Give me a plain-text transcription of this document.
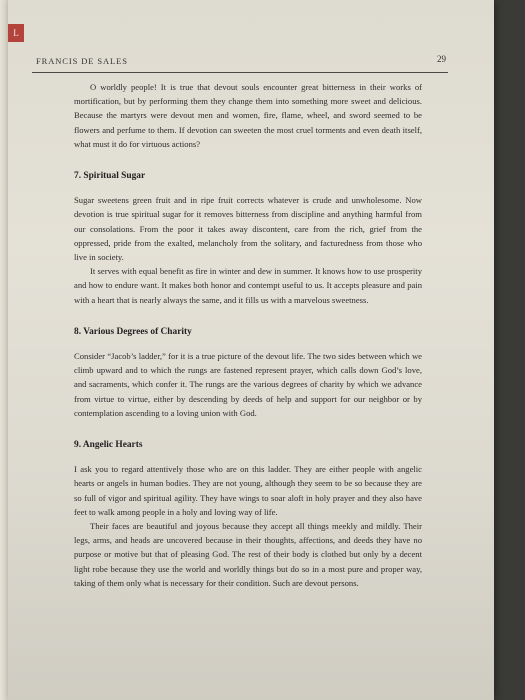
L
FRANCIS DE SALES	29

O worldly people! It is true that devout souls encounter great bitterness in their works of mortification, but by performing them they change them into something more sweet and delicious. Because the martyrs were devout men and women, fire, flame, wheel, and sword seemed to be flowers and perfume to them. If devotion can sweeten the most cruel torments and even death itself, what must it do for virtuous actions?

7. Spiritual Sugar

Sugar sweetens green fruit and in ripe fruit corrects whatever is crude and unwholesome. Now devotion is true spiritual sugar for it removes bitterness from discipline and anything harmful from our consolations. From the poor it takes away discontent, care from the rich, grief from the oppressed, pride from the exalted, melancholy from the solitary, and facturedness from those who live in society.

It serves with equal benefit as fire in winter and dew in summer. It knows how to use prosperity and how to endure want. It makes both honor and contempt useful to us. It accepts pleasure and pain with a heart that is nearly always the same, and it fills us with a marvelous sweetness.

8. Various Degrees of Charity

Consider “Jacob’s ladder,” for it is a true picture of the devout life. The two sides between which we climb upward and to which the rungs are fastened represent prayer, which calls down God’s love, and sacraments, which confer it. The rungs are the various degrees of charity by which we advance from virtue to virtue, either by descending by deeds of help and support for our neighbor or by contemplation ascending to a loving union with God.

9. Angelic Hearts

I ask you to regard attentively those who are on this ladder. They are either people with angelic hearts or angels in human bodies. They are not young, although they seem to be so because they are so full of vigor and spiritual agility. They have wings to soar aloft in holy prayer and they also have feet to walk among people in a holy and loving way of life.

Their faces are beautiful and joyous because they accept all things meekly and mildly. Their legs, arms, and heads are uncovered because in their thoughts, affections, and deeds they have no purpose or motive but that of pleasing God. The rest of their body is clothed but only by a decent light robe because they use the world and worldly things but do so in a most pure and proper way, taking of them only what is necessary for their condition. Such are devout persons.
